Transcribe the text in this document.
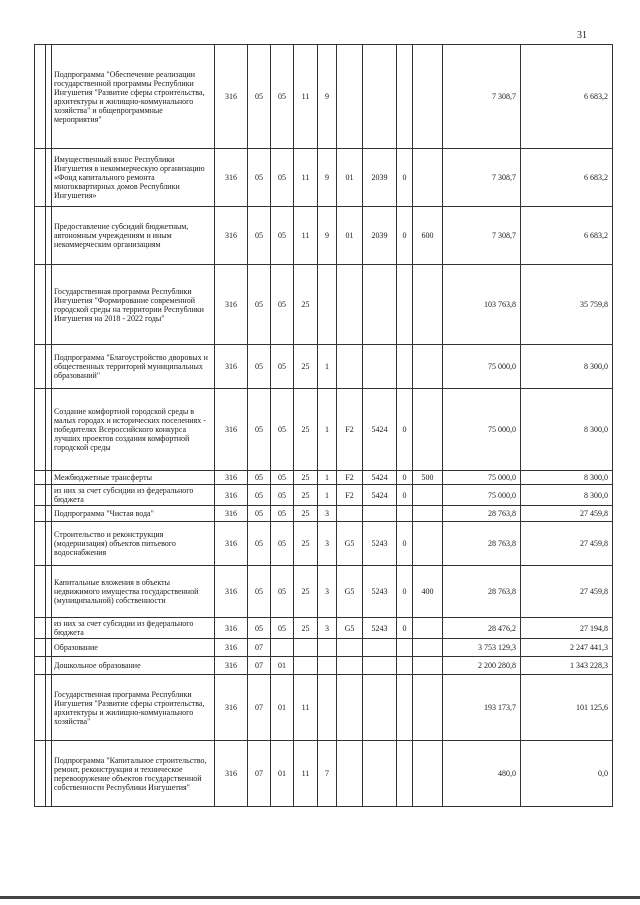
31
		Подпрограмма "Обеспечение реализации государственной программы Республики Ингушетия "Развитие сферы строительства, архитектуры и жилищно-коммунального хозяйства" и общепрограммные мероприятия"	316	05	05	11	9					7 308,7	6 683,2
		Имущественный взнос Республики Ингушетия в некоммерческую организацию «Фонд капитального ремонта многоквартирных домов Республики Ингушетия»	316	05	05	11	9	01	2039	0		7 308,7	6 683,2
		Предоставление субсидий бюджетным, автономным учреждениям и иным некоммерческим организациям	316	05	05	11	9	01	2039	0	600	7 308,7	6 683,2
		Государственная программа Республики Ингушетия "Формирование современной городской среды на территории Республики Ингушетия на 2018 - 2022 годы"	316	05	05	25						103 763,8	35 759,8
		Подпрограмма "Благоустройство дворовых и общественных территорий муниципальных образований"	316	05	05	25	1					75 000,0	8 300,0
		Создание комфортной городской среды в малых городах и исторических поселениях - победителях Всероссийского конкурса лучших проектов создания комфортной городской среды	316	05	05	25	1	F2	5424	0		75 000,0	8 300,0
		Межбюджетные трансферты	316	05	05	25	1	F2	5424	0	500	75 000,0	8 300,0
		из них за счет субсидии из федерального бюджета	316	05	05	25	1	F2	5424	0		75 000,0	8 300,0
		Подпрограмма "Чистая вода"	316	05	05	25	3					28 763,8	27 459,8
		Строительство и реконструкция (модернизация) объектов питьевого водоснабжения	316	05	05	25	3	G5	5243	0		28 763,8	27 459,8
		Капитальные вложения в объекты недвижимого имущества государственной (муниципальной) собственности	316	05	05	25	3	G5	5243	0	400	28 763,8	27 459,8
		из них за счет субсидии из федерального бюджета	316	05	05	25	3	G5	5243	0		28 476,2	27 194,8
		Образование	316	07								3 753 129,3	2 247 441,3
		Дошкольное образование	316	07	01							2 200 280,8	1 343 228,3
		Государственная программа Республики Ингушетия "Развитие сферы строительства, архитектуры и жилищно-коммунального хозяйства"	316	07	01	11						193 173,7	101 125,6
		Подпрограмма "Капитальное строительство, ремонт, реконструкция и техническое перевооружение объектов государственной собственности Республики Ингушетия"	316	07	01	11	7					480,0	0,0
